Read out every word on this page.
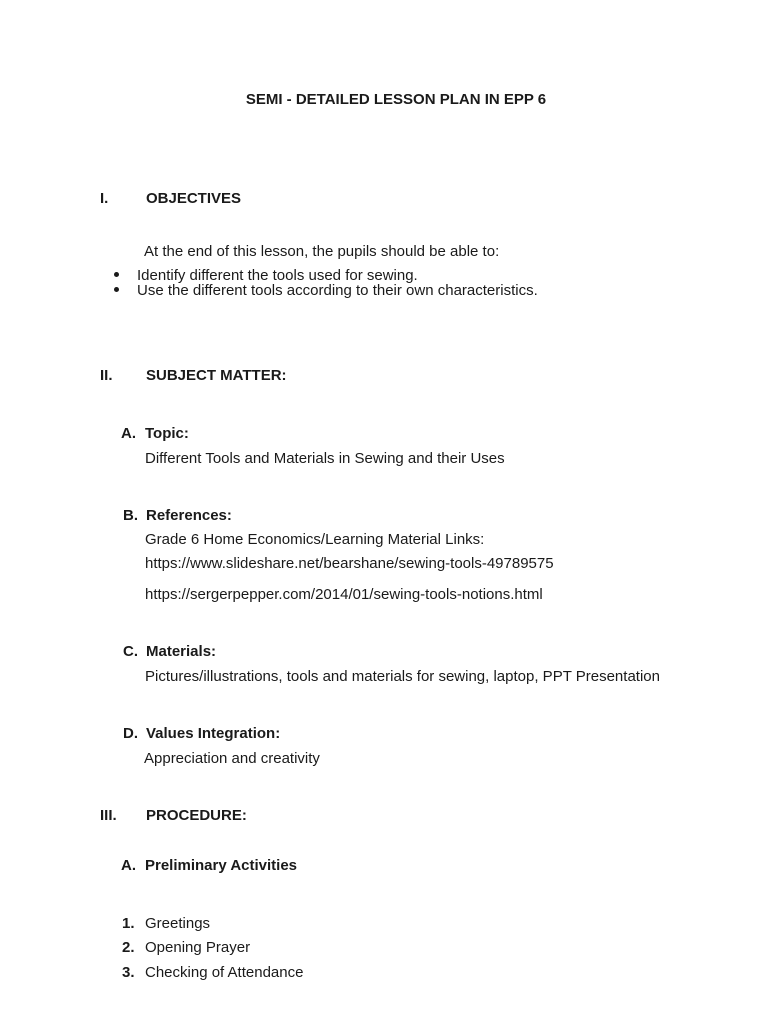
SEMI - DETAILED LESSON PLAN IN EPP 6
I.	OBJECTIVES
At the end of this lesson, the pupils should be able to:
Identify different the tools used for sewing.
Use the different tools according to their own characteristics.
II. SUBJECT MATTER:
A. Topic:
Different Tools and Materials in Sewing and their Uses
B. References:
Grade 6 Home Economics/Learning Material Links:
https://www.slideshare.net/bearshane/sewing-tools-49789575
https://sergerpepper.com/2014/01/sewing-tools-notions.html
C. Materials:
Pictures/illustrations, tools and materials for sewing, laptop, PPT Presentation
D. Values Integration:
Appreciation and creativity
III. PROCEDURE:
A. Preliminary Activities
1. Greetings
2. Opening Prayer
3. Checking of Attendance
